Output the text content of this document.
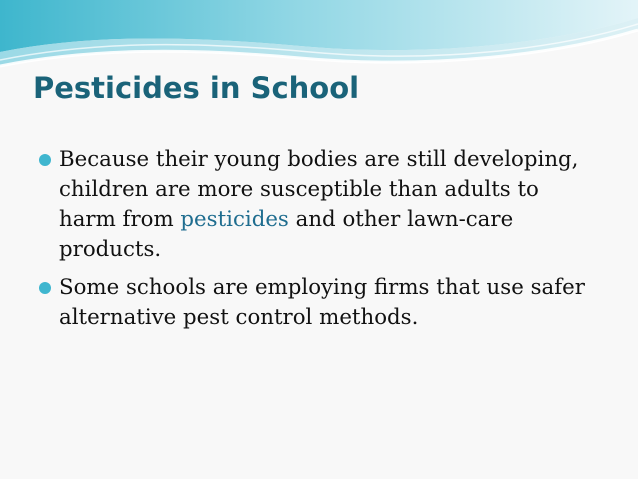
Pesticides in School
Because their young bodies are still developing, children are more susceptible than adults to harm from pesticides and other lawn-care products.
Some schools are employing firms that use safer alternative pest control methods.
